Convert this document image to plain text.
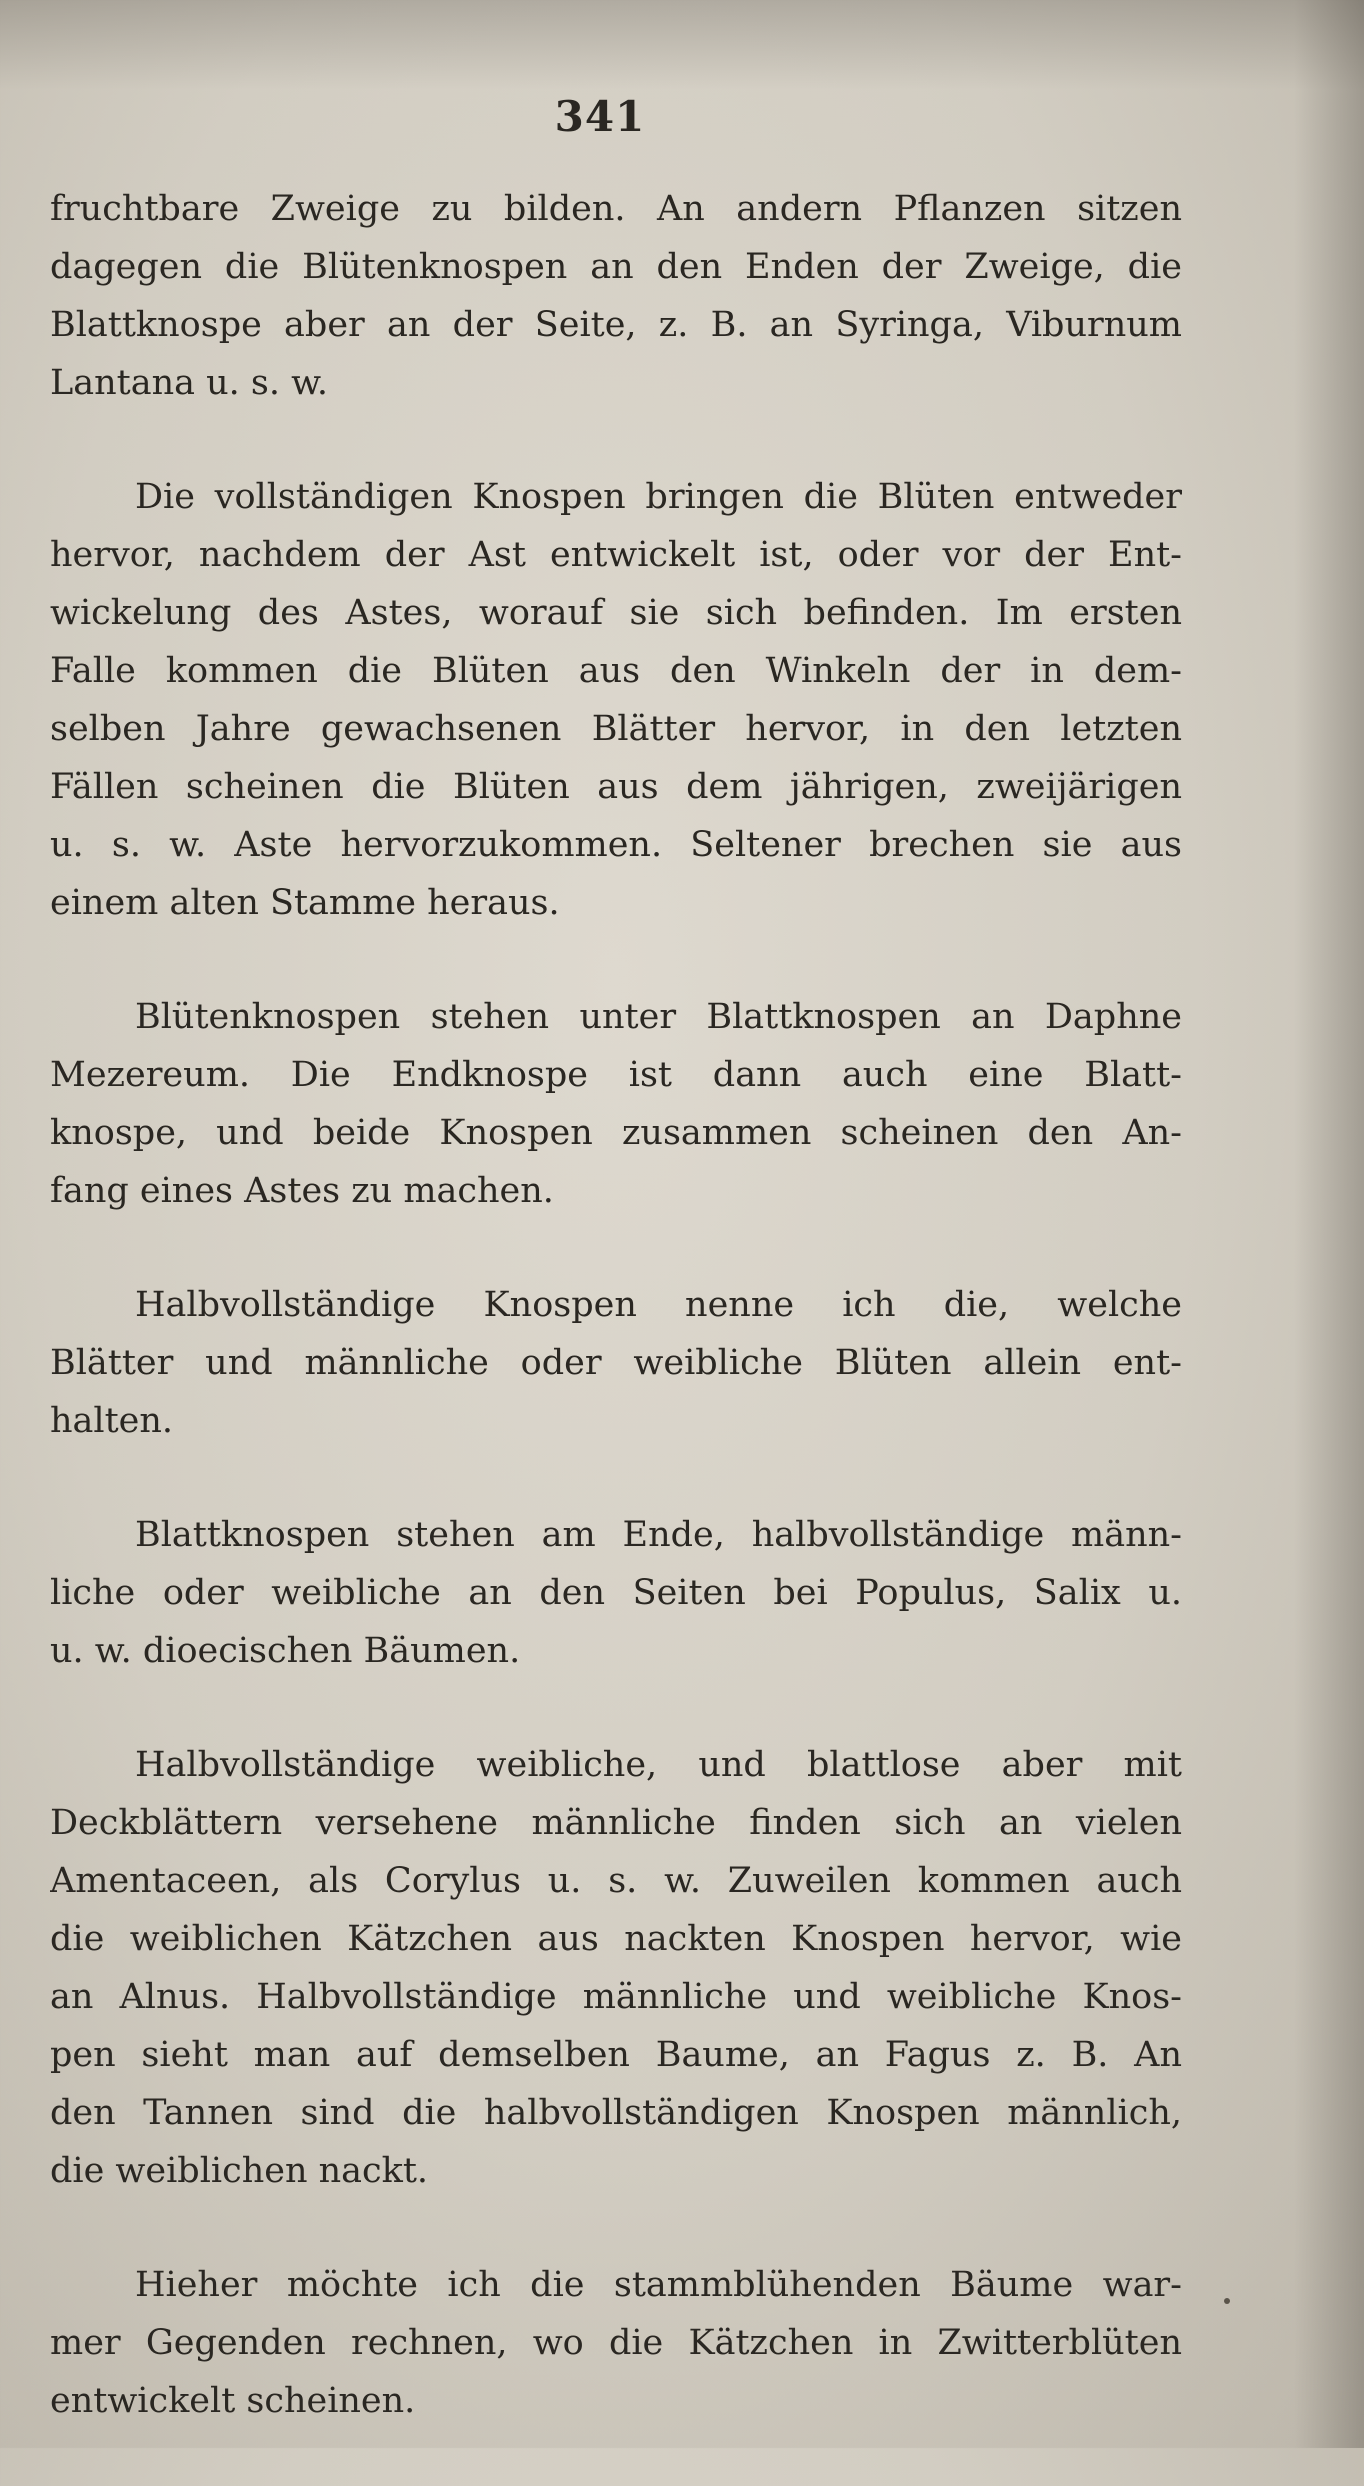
341
fruchtbare Zweige zu bilden. An andern Pflanzen sitzen
dagegen die Blütenknospen an den Enden der Zweige, die
Blattknospe aber an der Seite, z. B. an Syringa, Viburnum
Lantana u. s. w.
Die vollständigen Knospen bringen die Blüten entweder
hervor, nachdem der Ast entwickelt ist, oder vor der Ent-
wickelung des Astes, worauf sie sich befinden. Im ersten
Falle kommen die Blüten aus den Winkeln der in dem-
selben Jahre gewachsenen Blätter hervor, in den letzten
Fällen scheinen die Blüten aus dem jährigen, zweijärigen
u. s. w. Aste hervorzukommen. Seltener brechen sie aus
einem alten Stamme heraus.
Blütenknospen stehen unter Blattknospen an Daphne
Mezereum. Die Endknospe ist dann auch eine Blatt-
knospe, und beide Knospen zusammen scheinen den An-
fang eines Astes zu machen.
Halbvollständige Knospen nenne ich die, welche
Blätter und männliche oder weibliche Blüten allein ent-
halten.
Blattknospen stehen am Ende, halbvollständige männ-
liche oder weibliche an den Seiten bei Populus, Salix u.
u. w. dioecischen Bäumen.
Halbvollständige weibliche, und blattlose aber mit
Deckblättern versehene männliche finden sich an vielen
Amentaceen, als Corylus u. s. w. Zuweilen kommen auch
die weiblichen Kätzchen aus nackten Knospen hervor, wie
an Alnus. Halbvollständige männliche und weibliche Knos-
pen sieht man auf demselben Baume, an Fagus z. B. An
den Tannen sind die halbvollständigen Knospen männlich,
die weiblichen nackt.
Hieher möchte ich die stammblühenden Bäume war-
mer Gegenden rechnen, wo die Kätzchen in Zwitterblüten
entwickelt scheinen.
